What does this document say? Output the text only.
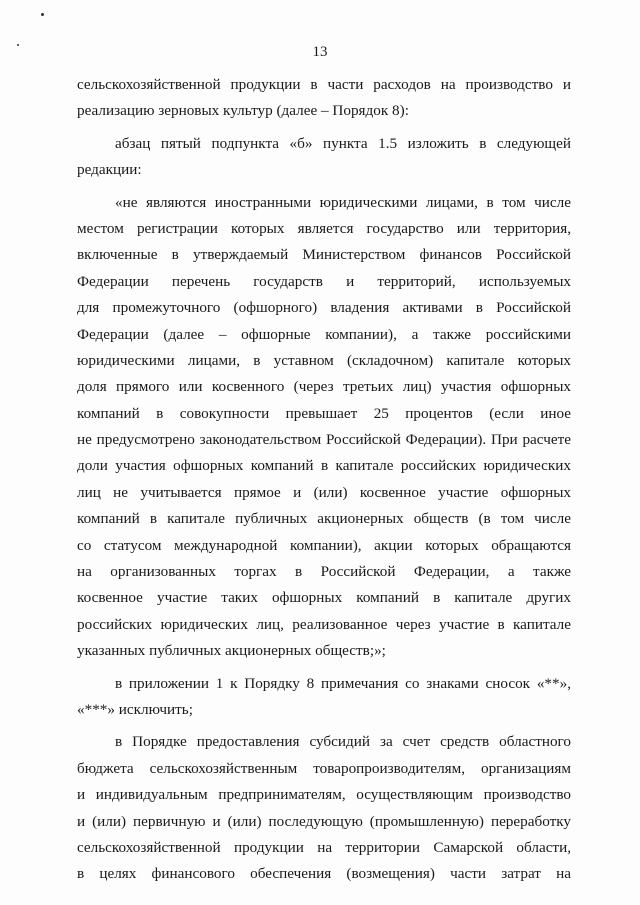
13
сельскохозяйственной продукции в части расходов на производство и
реализацию зерновых культур (далее – Порядок 8):
абзац пятый подпункта «б» пункта 1.5 изложить в следующей
редакции:
«не являются иностранными юридическими лицами, в том числе
местом регистрации которых является государство или территория,
включенные в утверждаемый Министерством финансов Российской
Федерации перечень государств и территорий, используемых
для промежуточного (офшорного) владения активами в Российской
Федерации (далее – офшорные компании), а также российскими
юридическими лицами, в уставном (складочном) капитале которых
доля прямого или косвенного (через третьих лиц) участия офшорных
компаний в совокупности превышает 25 процентов (если иное
не предусмотрено законодательством Российской Федерации). При расчете
доли участия офшорных компаний в капитале российских юридических
лиц не учитывается прямое и (или) косвенное участие офшорных
компаний в капитале публичных акционерных обществ (в том числе
со статусом международной компании), акции которых обращаются
на организованных торгах в Российской Федерации, а также
косвенное участие таких офшорных компаний в капитале других
российских юридических лиц, реализованное через участие в капитале
указанных публичных акционерных обществ;»;
в приложении 1 к Порядку 8 примечания со знаками сносок «**»,
«***» исключить;
в Порядке предоставления субсидий за счет средств областного
бюджета сельскохозяйственным товаропроизводителям, организациям
и индивидуальным предпринимателям, осуществляющим производство
и (или) первичную и (или) последующую (промышленную) переработку
сельскохозяйственной продукции на территории Самарской области,
в целях финансового обеспечения (возмещения) части затрат на
